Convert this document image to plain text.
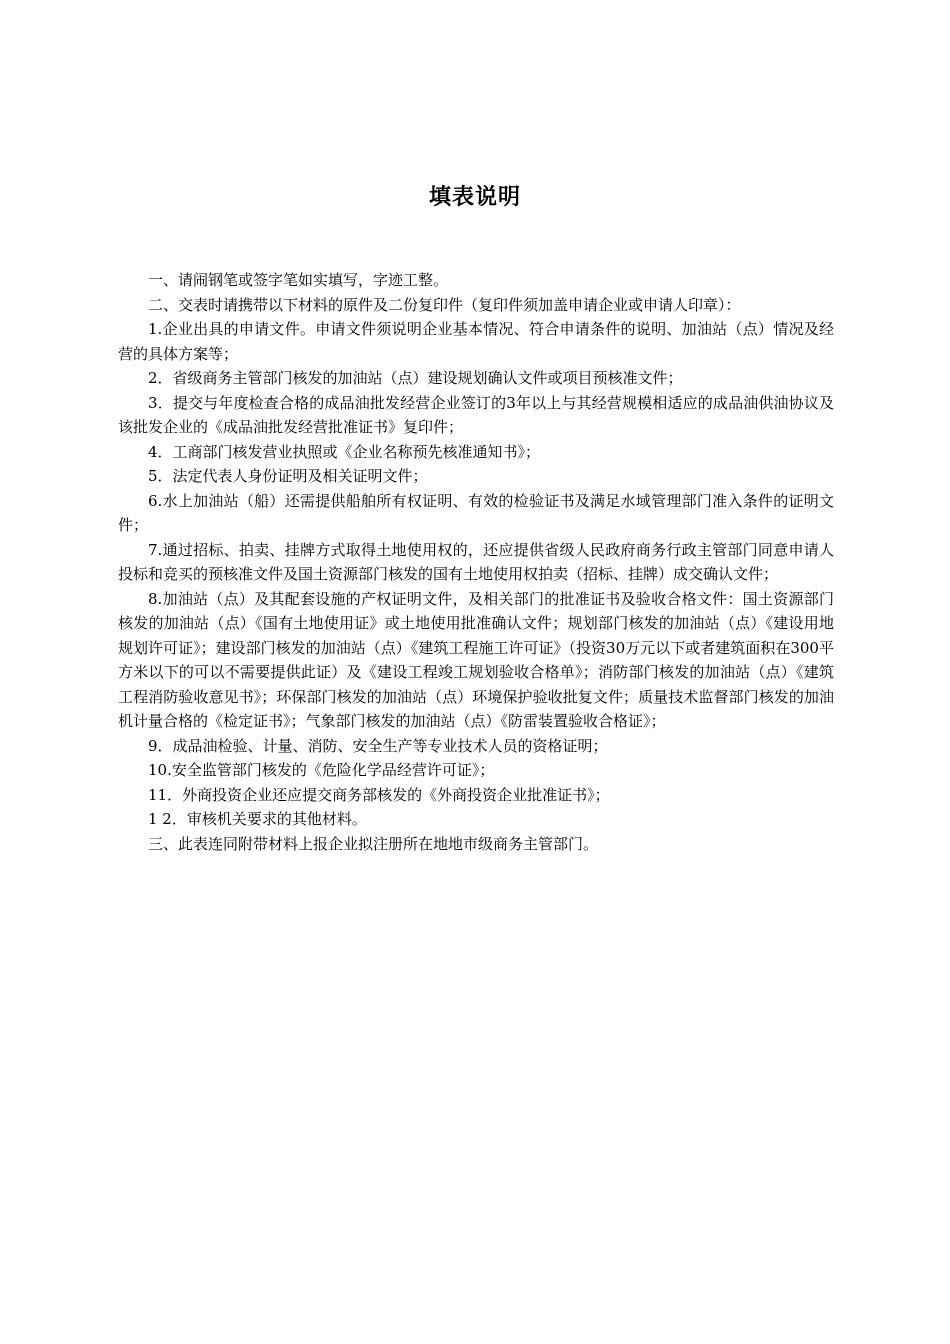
填表说明

一、请闹钢笔或签字笔如实填写，字迹工整。

二、交表时请携带以下材料的原件及二份复印件（复印件须加盖申请企业或申请人印章）：

1.企业出具的申请文件。申请文件须说明企业基本情况、符合申请条件的说明、加油站（点）情况及经营的具体方案等；

2．省级商务主管部门核发的加油站（点）建设规划确认文件或项目预核准文件；

3．提交与年度检查合格的成品油批发经营企业签订的3年以上与其经营规模相适应的成品油供油协议及该批发企业的《成品油批发经营批准证书》复印件；

4．工商部门核发营业执照或《企业名称预先核准通知书》；

5．法定代表人身份证明及相关证明文件；

6.水上加油站（船）还需提供船舶所有权证明、有效的检验证书及满足水域管理部门准入条件的证明文件；

7.通过招标、拍卖、挂牌方式取得土地使用权的，还应提供省级人民政府商务行政主管部门同意申请人投标和竞买的预核准文件及国土资源部门核发的国有土地使用权拍卖（招标、挂牌）成交确认文件；

8.加油站（点）及其配套设施的产权证明文件，及相关部门的批准证书及验收合格文件：国土资源部门核发的加油站（点）《国有土地使用证》或土地使用批准确认文件；规划部门核发的加油站（点）《建设用地规划许可证》；建设部门核发的加油站（点）《建筑工程施工许可证》（投资30万元以下或者建筑面积在300平方米以下的可以不需要提供此证）及《建设工程竣工规划验收合格单》；消防部门核发的加油站（点）《建筑工程消防验收意见书》；环保部门核发的加油站（点）环境保护验收批复文件；质量技术监督部门核发的加油机计量合格的《检定证书》；气象部门核发的加油站（点）《防雷装置验收合格证》；

9．成品油检验、计量、消防、安全生产等专业技术人员的资格证明；

10.安全监管部门核发的《危险化学品经营许可证》；

11．外商投资企业还应提交商务部核发的《外商投资企业批准证书》；

1 2．审核机关要求的其他材料。

三、此表连同附带材料上报企业拟注册所在地地市级商务主管部门。
